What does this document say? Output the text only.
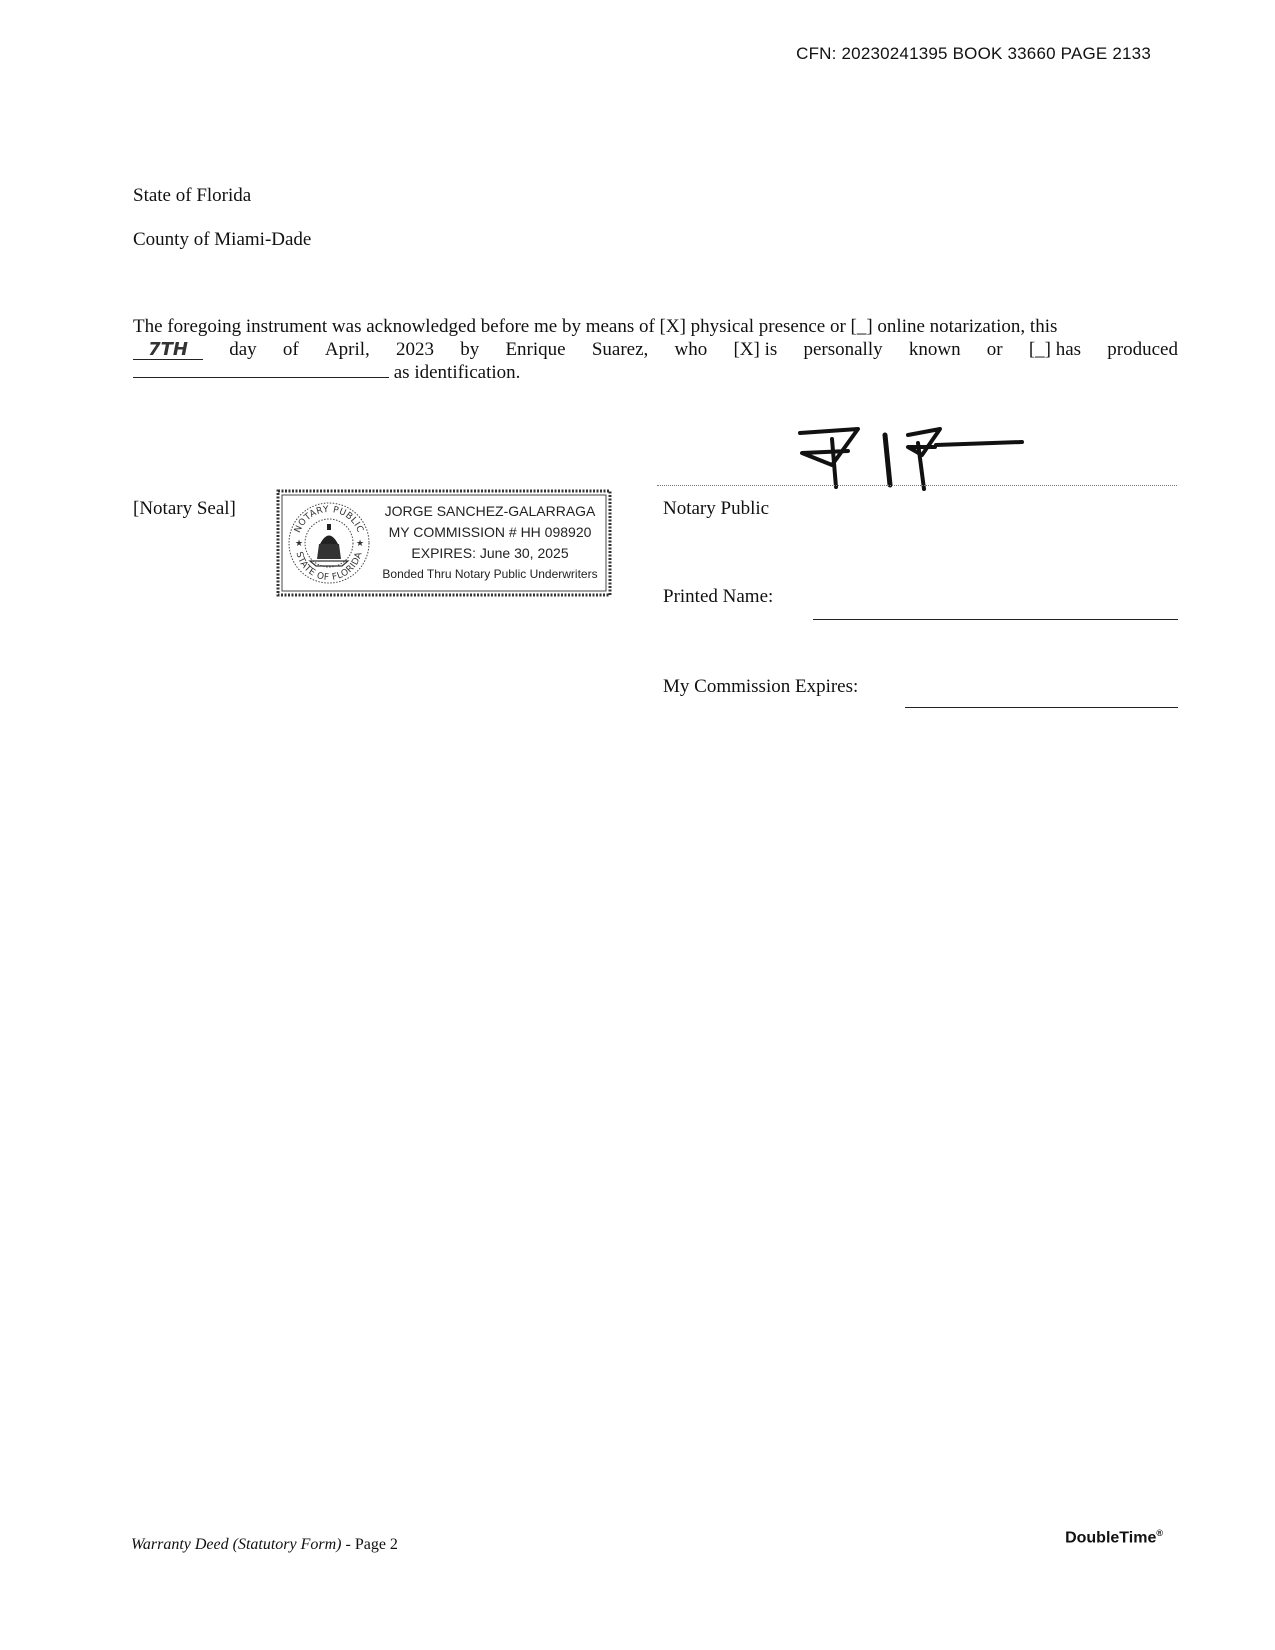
CFN: 20230241395 BOOK 33660 PAGE 2133
State of Florida
County of Miami-Dade
The foregoing instrument was acknowledged before me by means of [X] physical presence or [_] online notarization, this
7TH	day of April, 2023 by Enrique Suarez, who [X] is personally known or [_] has produced
as identification.
[Notary Seal]
★	★
NOTARY PUBLIC
STATE OF FLORIDA
JORGE SANCHEZ-GALARRAGA
MY COMMISSION # HH 098920
EXPIRES: June 30, 2025
Bonded Thru Notary Public Underwriters
Notary Public
Printed Name:
My Commission Expires:
Warranty Deed (Statutory Form) - Page 2	DoubleTime®
